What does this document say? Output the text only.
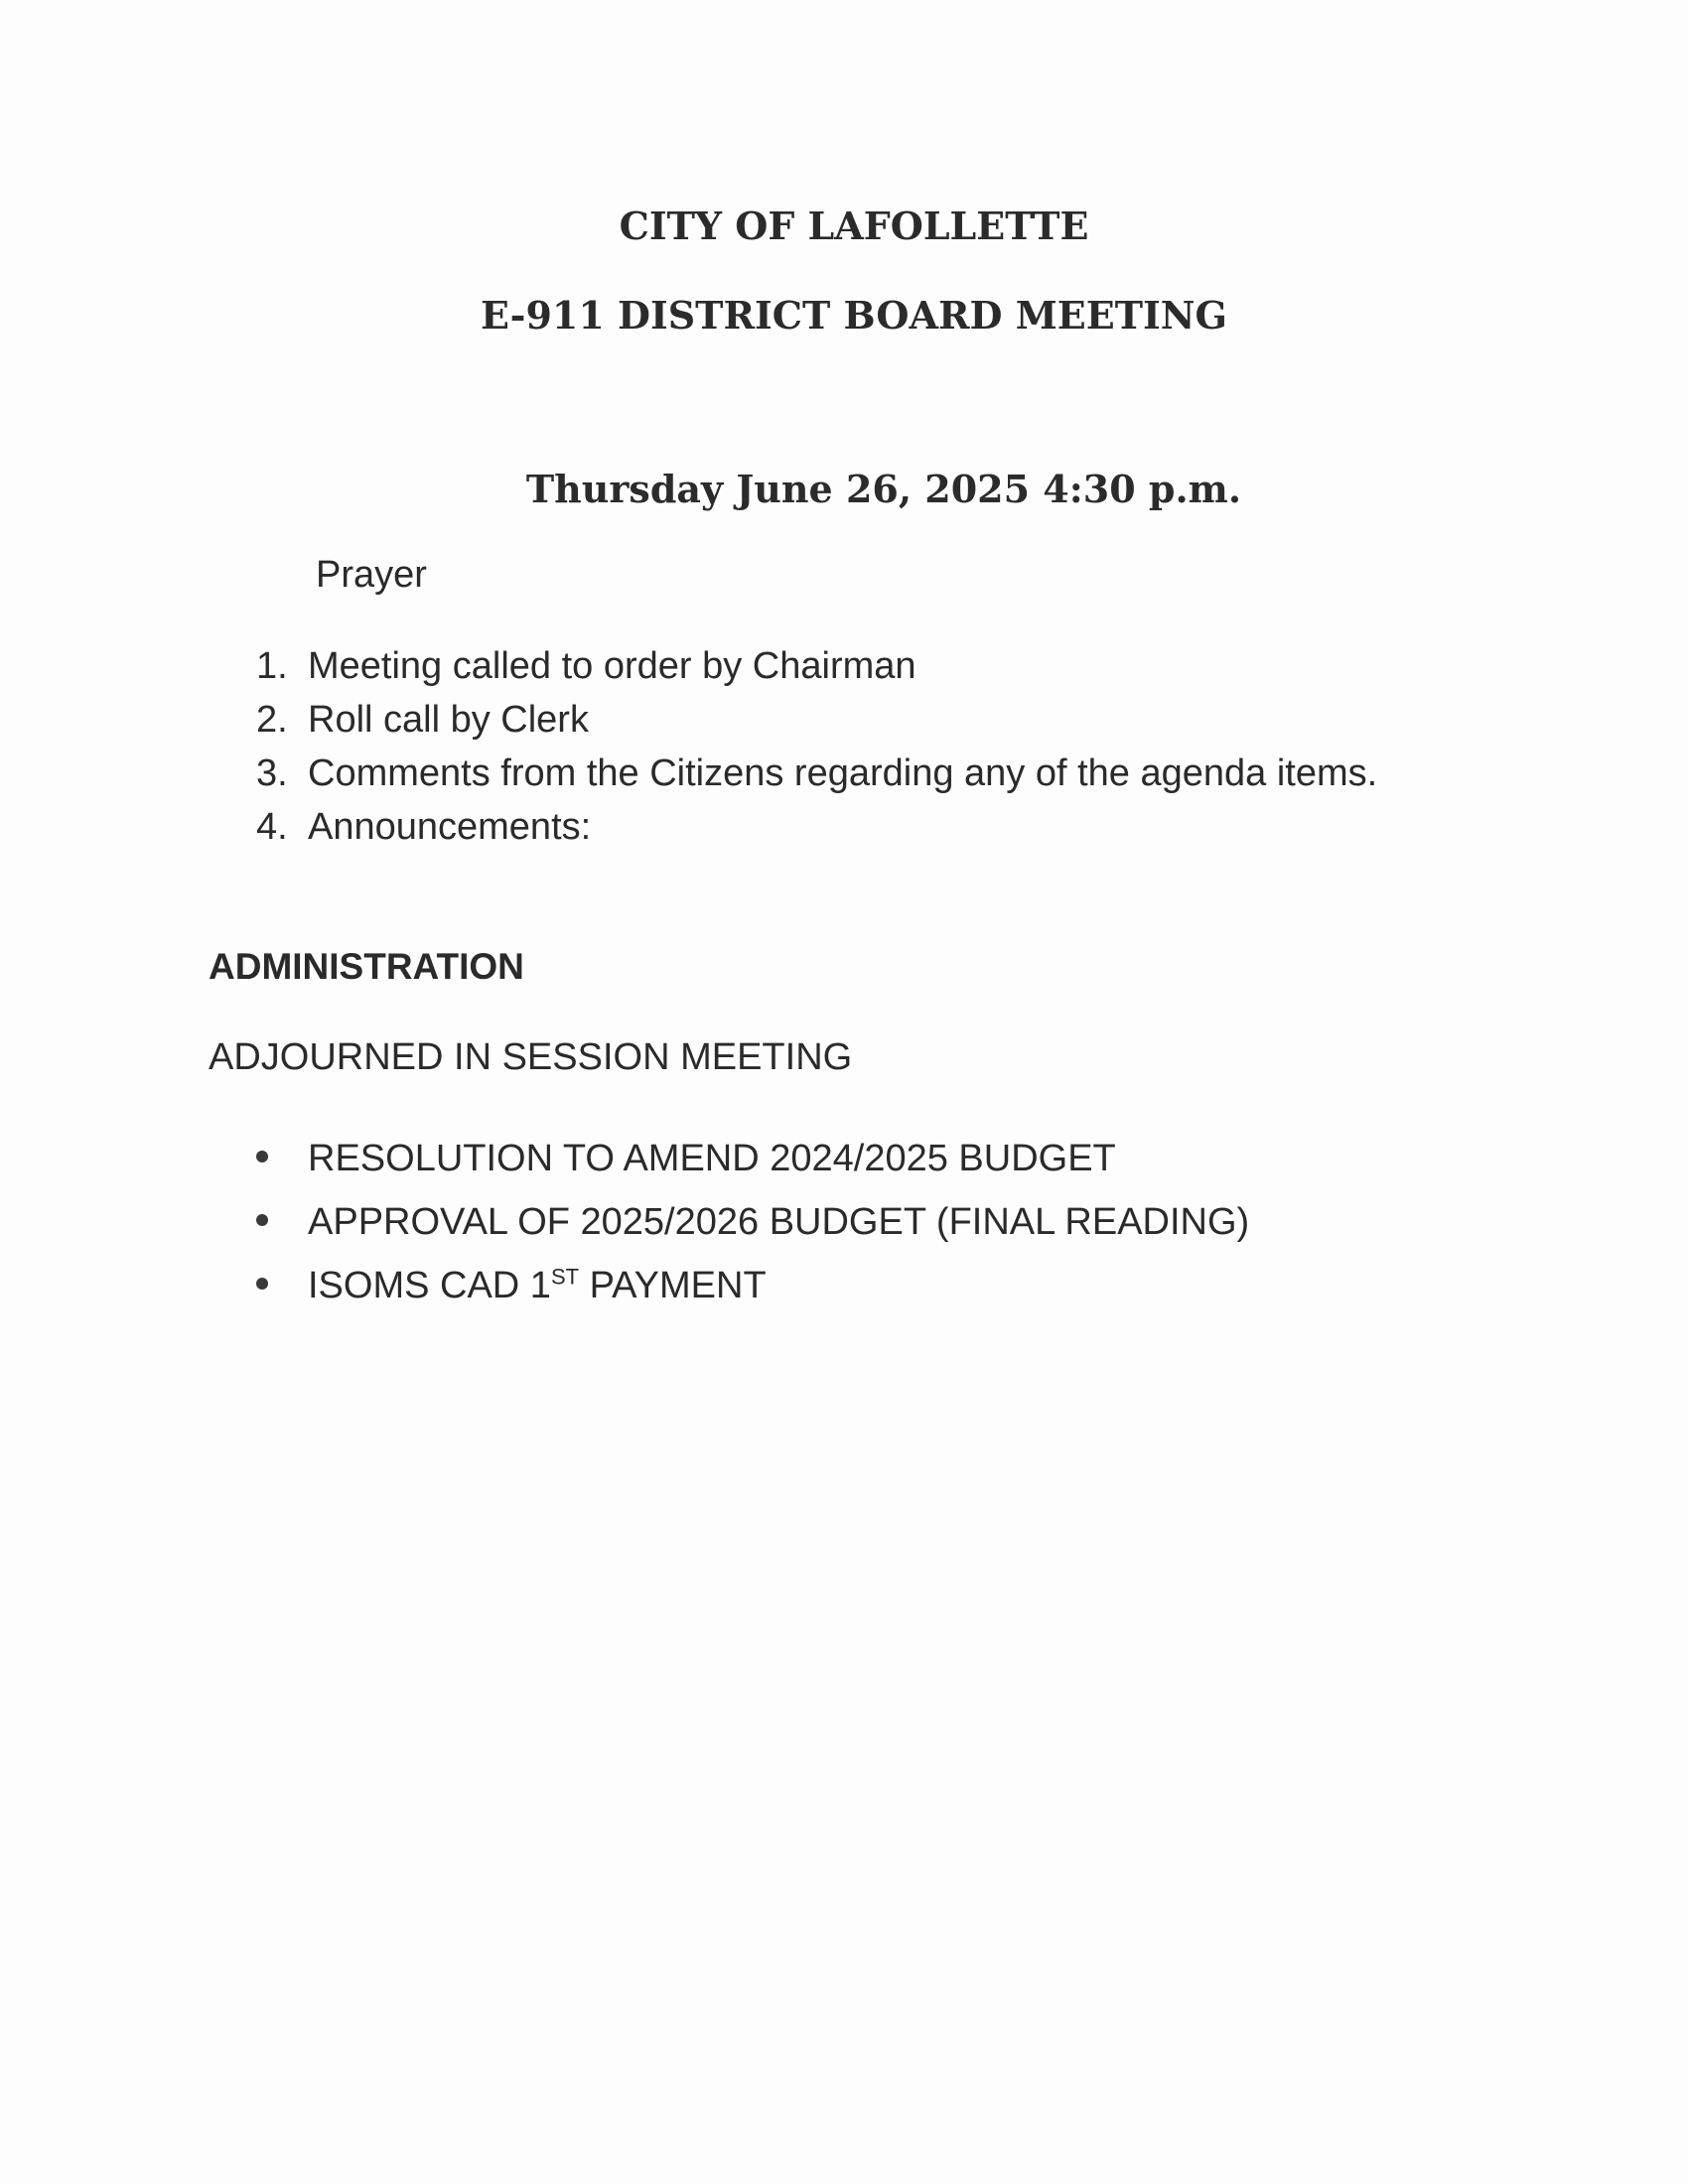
CITY OF LAFOLLETTE
E-911 DISTRICT BOARD MEETING
Thursday June 26, 2025 4:30 p.m.
Prayer
1. Meeting called to order by Chairman
2. Roll call by Clerk
3. Comments from the Citizens regarding any of the agenda items.
4. Announcements:
ADMINISTRATION
ADJOURNED IN SESSION MEETING
RESOLUTION TO AMEND 2024/2025 BUDGET
APPROVAL OF 2025/2026 BUDGET (FINAL READING)
ISOMS CAD 1ST PAYMENT
